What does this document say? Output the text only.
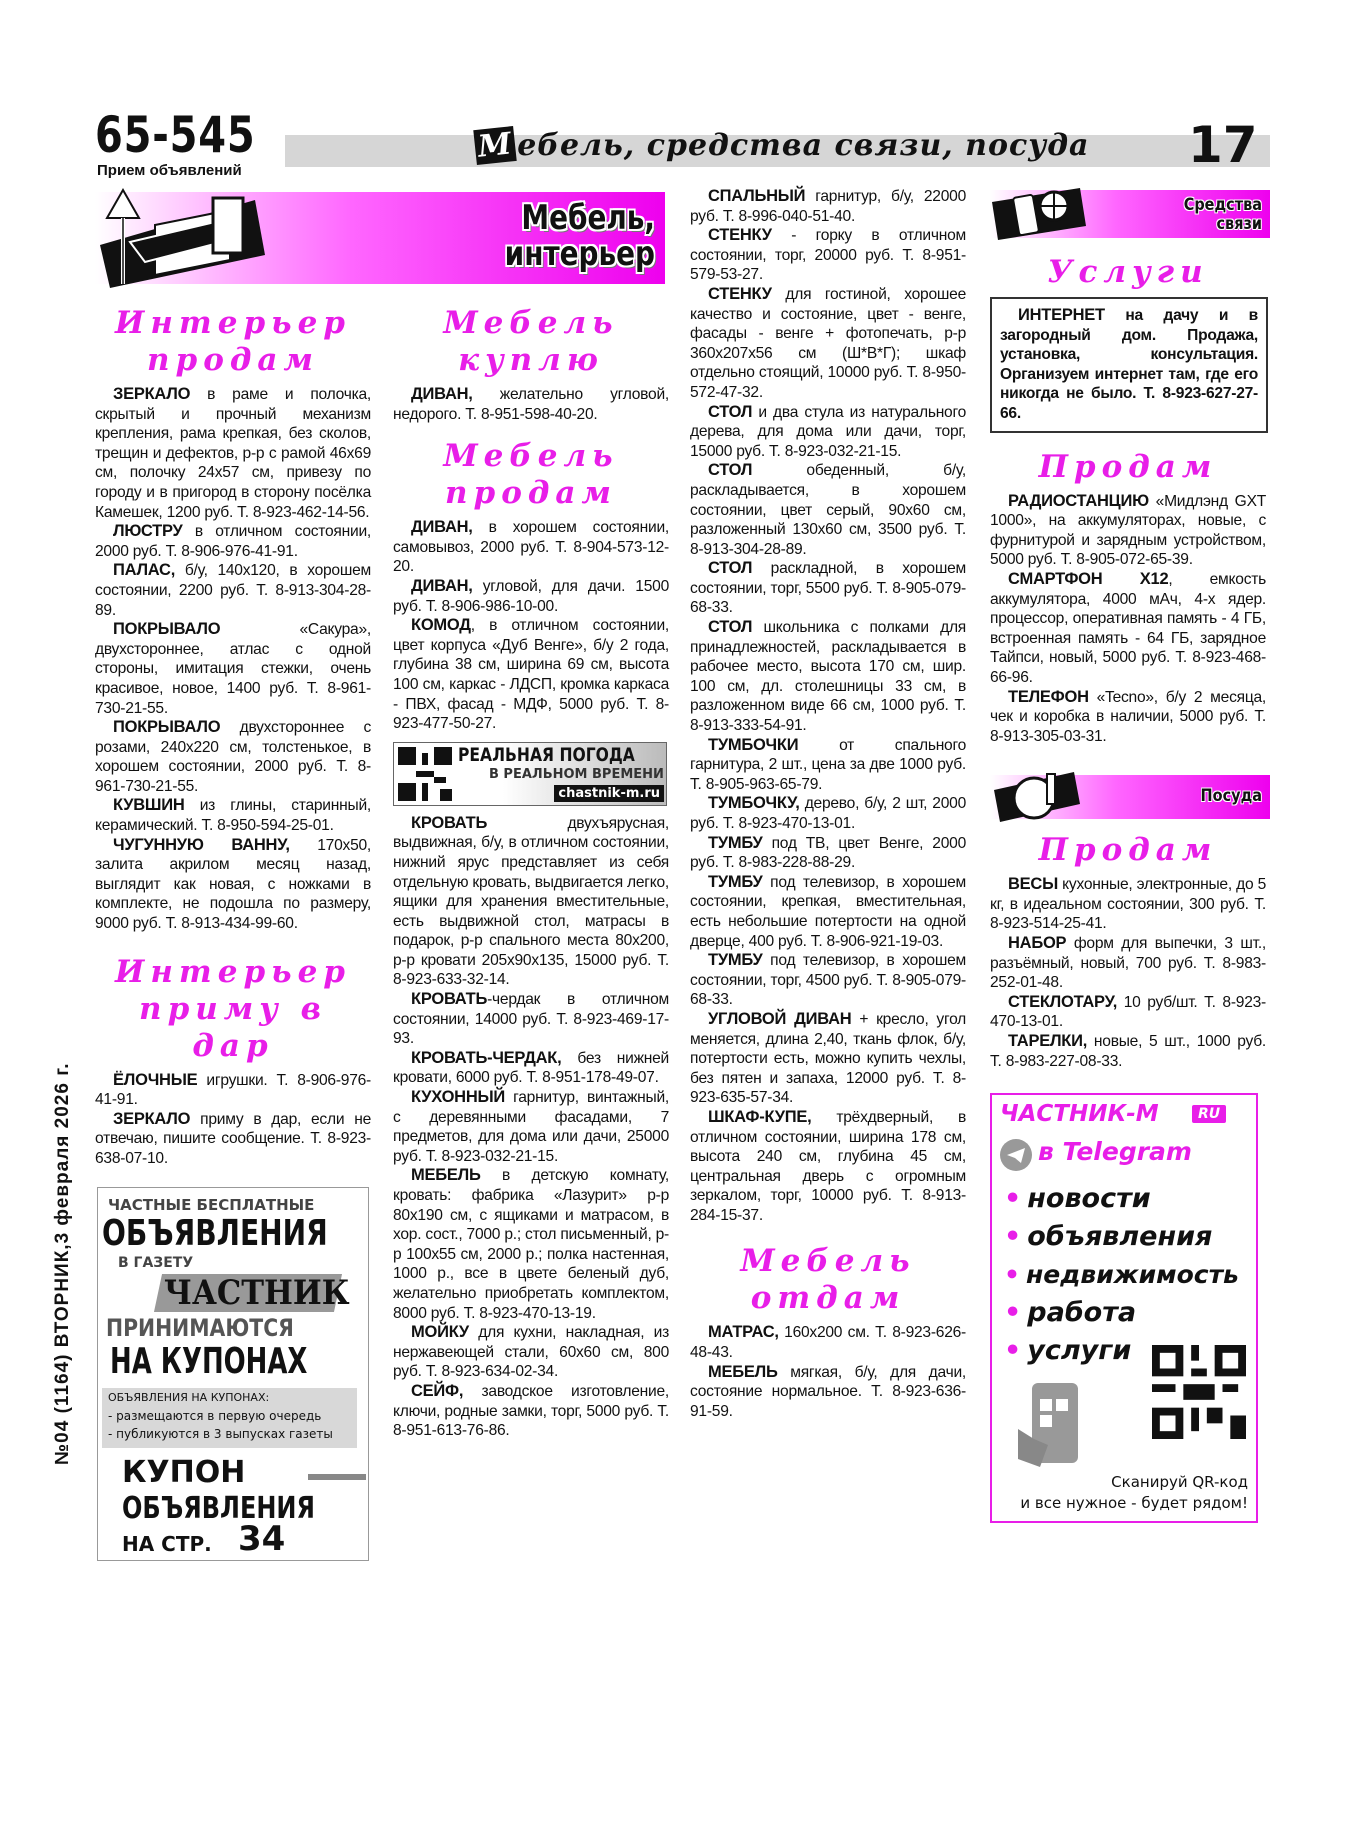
65-545
Прием объявлений
М ебель, средства связи, посуда 17
№04 (1164) ВТОРНИК,3 февраля 2026 г.
Мебель,
интерьер
Интерьер
продам

ЗЕРКАЛО в раме и полочка, скрытый и прочный механизм крепления, рама крепкая, без сколов, трещин и дефектов, р-р с рамой 46х69 см, полочку 24х57 см, привезу по городу и в пригород в сторону посёлка Камешек, 1200 руб. Т. 8-923-462-14-56.

ЛЮСТРУ в отличном состоянии, 2000 руб. Т. 8-906-976-41-91.

ПАЛАС, б/у, 140х120, в хорошем состоянии, 2200 руб. Т. 8-913-304-28-89.

ПОКРЫВАЛО «Сакура», двухстороннее, атлас с одной стороны, имитация стежки, очень красивое, новое, 1400 руб. Т. 8-961-730-21-55.

ПОКРЫВАЛО двухстороннее с розами, 240х220 см, толстенькое, в хорошем состоянии, 2000 руб. Т. 8-961-730-21-55.

КУВШИН из глины, старинный, керамический. Т. 8-950-594-25-01.

ЧУГУННУЮ ВАННУ, 170х50, залита акрилом месяц назад, выглядит как новая, с ножками в комплекте, не подошла по размеру, 9000 руб. Т. 8-913-434-99-60.

Интерьер
приму в дар

ЁЛОЧНЫЕ игрушки. Т. 8-906-976-41-91.

ЗЕРКАЛО приму в дар, если не отвечаю, пишите сообщение. Т. 8-923-638-07-10.

ЧАСТНЫЕ БЕСПЛАТНЫЕ
ОБЪЯВЛЕНИЯ
В ГАЗЕТУ
ЧАСТНИК
ПРИНИМАЮТСЯ
НА КУПОНАХ
ОБЪЯВЛЕНИЯ НА КУПОНАХ:
- размещаются в первую очередь
- публикуются в 3 выпусках газеты
КУПОН
ОБЪЯВЛЕНИЯ
НА СТР. 34
Мебель куплю

ДИВАН, желательно угловой, недорого. Т. 8-951-598-40-20.

Мебель
продам

ДИВАН, в хорошем состоянии, самовывоз, 2000 руб. Т. 8-904-573-12-20.

ДИВАН, угловой, для дачи. 1500 руб. Т. 8-906-986-10-00.

КОМОД, в отличном состоянии, цвет корпуса «Дуб Венге», б/у 2 года, глубина 38 см, ширина 69 см, высота 100 см, каркас - ЛДСП, кромка каркаса - ПВХ, фасад - МДФ, 5000 руб. Т. 8-923-477-50-27.

РЕАЛЬНАЯ ПОГОДА
В РЕАЛЬНОМ ВРЕМЕНИ
chastnik-m.ru

КРОВАТЬ двухъярусная, выдвижная, б/у, в отличном состоянии, нижний ярус представляет из себя отдельную кровать, выдвигается легко, ящики для хранения вместительные, есть выдвижной стол, матрасы в подарок, р-р спального места 80х200, р-р кровати 205х90х135, 15000 руб. Т. 8-923-633-32-14.

КРОВАТЬ-чердак в отличном состоянии, 14000 руб. Т. 8-923-469-17-93.

КРОВАТЬ-ЧЕРДАК, без нижней кровати, 6000 руб. Т. 8-951-178-49-07.

КУХОННЫЙ гарнитур, винтажный, с деревянными фасадами, 7 предметов, для дома или дачи, 25000 руб. Т. 8-923-032-21-15.

МЕБЕЛЬ в детскую комнату, кровать: фабрика «Лазурит» р-р 80х190 см, с ящиками и матрасом, в хор. сост., 7000 р.; стол письменный, р-р 100х55 см, 2000 р.; полка настенная, 1000 р., все в цвете беленый дуб, желательно приобретать комплектом, 8000 руб. Т. 8-923-470-13-19.

МОЙКУ для кухни, накладная, из нержавеющей стали, 60х60 см, 800 руб. Т. 8-923-634-02-34.

СЕЙФ, заводское изготовление, ключи, родные замки, торг, 5000 руб. Т. 8-951-613-76-86.

СПАЛЬНЫЙ гарнитур, б/у, 22000 руб. Т. 8-996-040-51-40.

СТЕНКУ - горку в отличном состоянии, торг, 20000 руб. Т. 8-951-579-53-27.

СТЕНКУ для гостиной, хорошее качество и состояние, цвет - венге, фасады - венге + фотопечать, р-р 360х207х56 см (Ш*В*Г); шкаф отдельно стоящий, 10000 руб. Т. 8-950-572-47-32.

СТОЛ и два стула из натурального дерева, для дома или дачи, торг, 15000 руб. Т. 8-923-032-21-15.

СТОЛ обеденный, б/у, раскладывается, в хорошем состоянии, цвет серый, 90х60 см, разложенный 130х60 см, 3500 руб. Т. 8-913-304-28-89.

СТОЛ раскладной, в хорошем состоянии, торг, 5500 руб. Т. 8-905-079-68-33.

СТОЛ школьника с полками для принадлежностей, раскладывается в рабочее место, высота 170 см, шир. 100 см, дл. столешницы 33 см, в разложенном виде 66 см, 1000 руб. Т. 8-913-333-54-91.

ТУМБОЧКИ от спального гарнитура, 2 шт., цена за две 1000 руб. Т. 8-905-963-65-79.

ТУМБОЧКУ, дерево, б/у, 2 шт, 2000 руб. Т. 8-923-470-13-01.

ТУМБУ под ТВ, цвет Венге, 2000 руб. Т. 8-983-228-88-29.

ТУМБУ под телевизор, в хорошем состоянии, крепкая, вместительная, есть небольшие потертости на одной дверце, 400 руб. Т. 8-906-921-19-03.

ТУМБУ под телевизор, в хорошем состоянии, торг, 4500 руб. Т. 8-905-079-68-33.

УГЛОВОЙ ДИВАН + кресло, угол меняется, длина 2,40, ткань флок, б/у, потертости есть, можно купить чехлы, без пятен и запаха, 12000 руб. Т. 8-923-635-57-34.

ШКАФ-КУПЕ, трёхдверный, в отличном состоянии, ширина 178 см, высота 240 см, глубина 45 см, центральная дверь с огромным зеркалом, торг, 10000 руб. Т. 8-913-284-15-37.

Мебель
отдам

МАТРАС, 160х200 см. Т. 8-923-626-48-43.

МЕБЕЛЬ мягкая, б/у, для дачи, состояние нормальное. Т. 8-923-636-91-59.

Средства
связи
Услуги

ИНТЕРНЕТ на дачу и в загородный дом. Продажа, установка, консультация. Организуем интернет там, где его никогда не было. Т. 8-923-627-27-66.

Продам

РАДИОСТАНЦИЮ «Мидлэнд GXT 1000», на аккумуляторах, новые, с фурнитурой и зарядным устройством, 5000 руб. Т. 8-905-072-65-39.

СМАРТФОН Х12, емкость аккумулятора, 4000 мАч, 4-х ядер. процессор, оперативная память - 4 ГБ, встроенная память - 64 ГБ, зарядное Тайпси, новый, 5000 руб. Т. 8-923-468-66-96.

ТЕЛЕФОН «Tecno», б/у 2 месяца, чек и коробка в наличии, 5000 руб. Т. 8-913-305-03-31.

Посуда
Продам

ВЕСЫ кухонные, электронные, до 5 кг, в идеальном состоянии, 300 руб. Т. 8-923-514-25-41.

НАБОР форм для выпечки, 3 шт., разъёмный, новый, 700 руб. Т. 8-983-252-01-48.

СТЕКЛОТАРУ, 10 руб/шт. Т. 8-923-470-13-01.

ТАРЕЛКИ, новые, 5 шт., 1000 руб. Т. 8-983-227-08-33.

ЧАСТНИК-М	RU
в Telegram
• новости
• объявления
• недвижимость
• работа
• услуги
Сканируй QR-код
и все нужное - будет рядом!
